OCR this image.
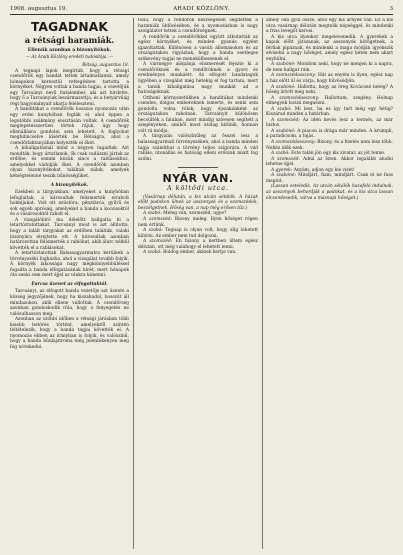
1908. augusztus 19.	ARADI KÖZLÖNY.	3
TAGADNAK
a rétsági haramiák.
Ellenük azonban a bizonyítékok.
— Az Aradi Közlöny eredeti tudósítója. —
Rétság, augusztus 18.

A tegnapi lapok megírták, hogy a rétsági csendőrök egy bandát tettek ártalmatlanná, amely hónapokon keresztül rettegésben tartotta a környéket. Négyen voltak a banda tagjai, a vezetőjük egy Tarcsányi nevű fiatalember, aki azt hirdette, hogy ő a Tarcsányiak leszármazottja, és a betyárvilág régi hagyományait akarja feléleszteni.

A banditákat a csendőrök hosszas nyomozás után egy erdei kunyhóban fogták el, ahol éppen a legutóbbi zsákmány elosztásán voltak. A csendőrök meglepetésszerűen törtek rájuk, úgy hogy ellenállásra gondolni sem lehetett. A foglyokat megbilincselve kísérték be Rétságra, ahol a csendőrlaktanyában helyezték el őket.

A kihallgatásnál mind a négyen tagadtak. Azt mondták, hogy ártatlanok, ők csak vadászni jártak az erdőbe, és semmi közük sincs a rablásokhoz, amelyekkel vádolják őket. A csendőrök azonban olyan bizonyítékokat találtak náluk, amelyek kétségtelenné teszik bűnösségüket.

A bizonyítékok.

Ezekben a tárgyakban, amelyeket a kunyhóban lefoglaltak, a károsultak felismerték elrabolt holmijukat. Volt ott ezüstóra, pénztárca, gyűrű és sok egyéb apróság, amelyeket a banda a kocsisoktól és a vásárosoktól rabolt el.

A vizsgálóbíró ma délelőtt hallgatta ki a letartóztatottakat. Tarcsányi most is azt állította, hogy a talált tárgyakat az erdőben találták, valaki bizonyára elrejtette ott. A károsultak azonban határozottan felismerték a rablókat, akik álarc nélkül követték el a rablásokat.

A letartóztatottak Balassagyarmatra kerülnek a törvényszéki fogházba, ahol a vizsgálat tovább folyik. A környék lakossága nagy megkönnyebbüléssel fogadta a banda elfogatásának hírét, mert hónapok óta senki sem mert éjjel az utakra kimenni.

Furcsa üzenet az elfogottaktól.

Tarcsányi, az elfogott banda vezetője azt üzente a község jegyzőjének, hogy ha kiszabadul, bosszút áll mindazokon, akik ellene vallottak. A csendőrség azonban gondoskodik róla, hogy a fenyegetés ne valósulhasson meg.

Azonban az utóbbi időben a rétsági járásban több kisebb betörés történt, amelyekről szintén feltételezik, hogy a banda tagjai követték el. A nyomozás ebben az irányban is folyik, és valószínű, hogy a banda bűnlajstroma még jelentékenyen meg fog növekedni.

toliú, hogy a rendőrök készségesen segítettek a haramiák üldözésében, és a nyomozásban is nagy szolgálatot tettek a csendőrségnek.

A rendőrök a csendőrökkel együtt átkutatták az egész környéket, és minden gyanús egyént igazoltattak. Különösen a vasúti állomásokon és az országutakon vigyáztak, hogy a banda esetleges szökevény tagjai ne menekülhessenek el.

A vármegye alispánja elismerését fejezte ki a csendőröknek és a rendőröknek a gyors és eredményes munkáért. Az elfogott bandatagok ügyében a vizsgálat még hetekig el fog tartani, mert a tanúk kihallgatása nagy munkát ad a hatóságoknak.

Otthoni környezetükben a banditákat mindenki csendes, dolgos embereknek ismerte, és senki sem gondolta volna róluk, hogy éjszakánként az országutakon rabolnak. Tarcsányit különösen becsülték a faluban, mert mindig szívesen segített a szegényeken, amiből most utólag kitűnik, honnan volt rá módja.

A tárgyalás valószínűleg az ősszel lesz a balassagyarmati törvényszéken, ahol a banda minden tagja számíthat a törvény teljes szigorára. A vád rablás, útonállás és hatóság elleni erőszak miatt fog szólni.

NYÁR VAN.
A költődi utca.

(Vasárnap délután, a kis utcán sétálók. A házak előtt padokon ülnek az asszonyok és a szomszédok, beszélgetnek. Hőség van, a nap még erősen tűz.)

A szabó: Meleg van, szomszéd, ugye?

A szomszéd: Bizony meleg. Ilyen hőséget régen nem értünk.

A szabó: Tegnap is olyan volt, hogy alig lehetett kibírni. Az ember nem tud dolgozni.

A szomszéd: Én bizony a kertben ültem egész délután, ott még valahogy el lehetett lenni.

A szabó: Boldog ember, akinek kertje van.

amely oda gyűl össze, ahol egy kis árnyék van. Ez a kis utca vasárnap délután megtelik népséggel, és mindenki a friss levegőt keresi.

A kis utca ilyenkor megelevenedik. A gyerekek a kapuk előtt játszanak, az asszonyok kötögetnek, a férfiak pipáznak, és mindenki a maga módján igyekszik elviselni a nagy hőséget, amely egész héten nem akart enyhülni.

A szabóné: Mondom neki, hogy ne menjen ki a napra, de nem hallgat rám.

A szomszédasszony: Hát az enyém is ilyen, egész nap a ház előtt ül és várja, hogy hűvösödjön.

A szabóné: Hallotta, hogy az öreg Kovácsné beteg? A hőség ártott meg neki.

A szomszédasszony: Hallottam, szegény. Holnap elmegyek hozzá megnézni.

A szabó: Mi lesz, ha ez így tart még egy hétig? Kiszárad minden a határban.

A szomszéd: Az idén kevés lesz a termés, az már biztos.

A szabóné: A piacon is drága már minden. A krumpli, a paradicsom, a tojás.

A szomszédasszony: Bizony, és a fizetés nem lesz több. Nehéz idők ezek.

A szabó: Este talán jön egy kis zivatar, az jót tenne.

A szomszéd: Adná az Isten. Akkor legalább aludni lehetne éjjel.

A gyerek: Anyám, adjon egy kis vizet!

A szabóné: Mindjárt, fiam, mindjárt. Csak el ne fuss megint.

(Lassan esteledik. Az utcán sétálók hazafelé indulnak, az asszonyok behordják a padokat, és a kis utca lassan elcsendesedik, várva a másnapi hőséget.)
